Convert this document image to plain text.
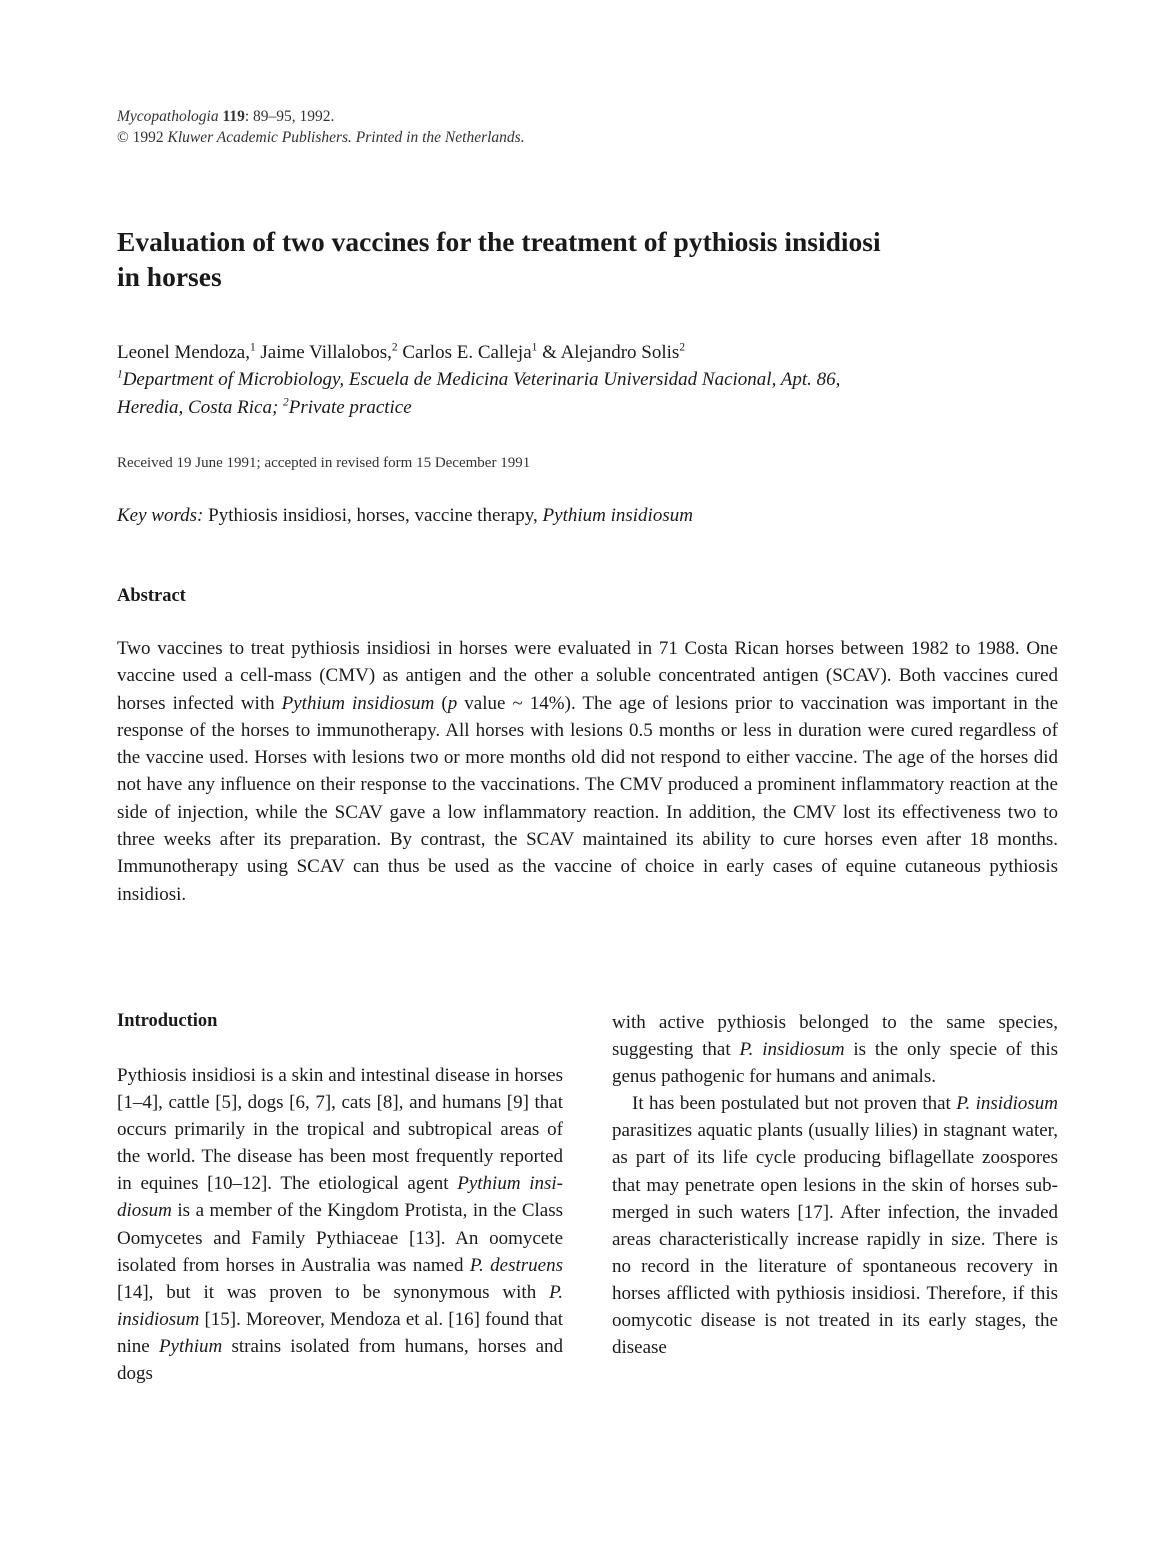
Mycopathologia 119: 89–95, 1992.
© 1992 Kluwer Academic Publishers. Printed in the Netherlands.
Evaluation of two vaccines for the treatment of pythiosis insidiosi
in horses
Leonel Mendoza,$^1$ Jaime Villalobos,$^2$ Carlos E. Calleja$^1$ & Alejandro Solis$^2$
$^1$Department of Microbiology, Escuela de Medicina Veterinaria Universidad Nacional, Apt. 86,
Heredia, Costa Rica; $^2$Private practice
Received 19 June 1991; accepted in revised form 15 December 1991
Key words: Pythiosis insidiosi, horses, vaccine therapy, Pythium insidiosum
Abstract

Two vaccines to treat pythiosis insidiosi in horses were evaluated in 71 Costa Rican horses between 1982 to 1988. One vaccine used a cell-mass (CMV) as antigen and the other a soluble concentrated antigen (SCAV). Both vaccines cured horses infected with Pythium insidiosum (p value ~ 14%). The age of lesions prior to vaccination was important in the response of the horses to immunotherapy. All horses with lesions 0.5 months or less in duration were cured regardless of the vaccine used. Horses with lesions two or more months old did not respond to either vaccine. The age of the horses did not have any influence on their response to the vaccinations. The CMV produced a prominent inflammatory reaction at the side of injection, while the SCAV gave a low inflammatory reaction. In addition, the CMV lost its effectiveness two to three weeks after its preparation. By contrast, the SCAV maintained its ability to cure horses even after 18 months. Immunotherapy using SCAV can thus be used as the vaccine of choice in early cases of equine cutaneous pythiosis insidiosi.

Introduction

Pythiosis insidiosi is a skin and intestinal disease in horses [1–4], cattle [5], dogs [6, 7], cats [8], and humans [9] that occurs primarily in the tropical and subtropical areas of the world. The disease has been most frequently reported in equines [10–12]. The etiological agent Pythium insidiosum is a member of the Kingdom Protista, in the Class Oomycetes and Family Pythiaceae [13]. An oomycete isolated from horses in Australia was named P. destruens [14], but it was proven to be synonymous with P. insidiosum [15]. Moreover, Mendoza et al. [16] found that nine Pythium strains isolated from humans, horses and dogs

with active pythiosis belonged to the same species, suggesting that P. insidiosum is the only specie of this genus pathogenic for humans and animals.

It has been postulated but not proven that P. insidiosum parasitizes aquatic plants (usually lilies) in stagnant water, as part of its life cycle producing biflagellate zoospores that may penetrate open lesions in the skin of horses submerged in such waters [17]. After infection, the invaded areas characteristically increase rapidly in size. There is no record in the literature of spontaneous recovery in horses afflicted with pythiosis insidiosi. Therefore, if this oomycotic disease is not treated in its early stages, the disease
